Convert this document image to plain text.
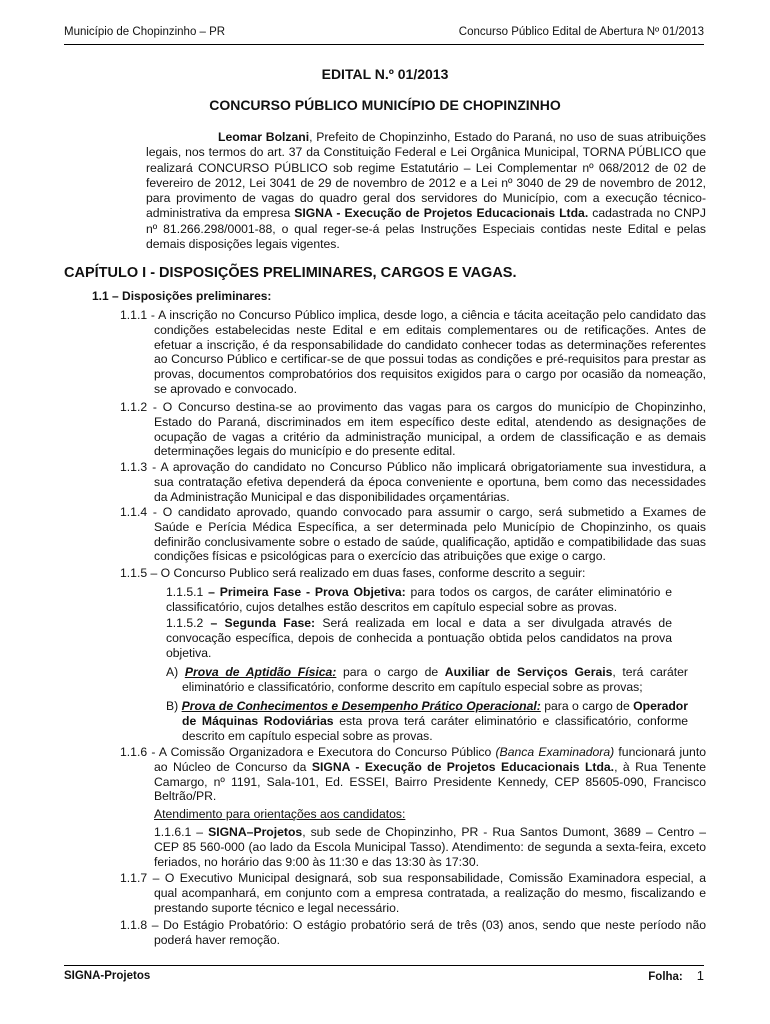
Município de Chopinzinho – PR	Concurso Público Edital de Abertura Nº 01/2013
EDITAL N.º 01/2013
CONCURSO PÚBLICO MUNICÍPIO DE CHOPINZINHO
Leomar Bolzani, Prefeito de Chopinzinho, Estado do Paraná, no uso de suas atribuições legais, nos termos do art. 37 da Constituição Federal e Lei Orgânica Municipal, TORNA PÚBLICO que realizará CONCURSO PÚBLICO sob regime Estatutário – Lei Complementar nº 068/2012 de 02 de fevereiro de 2012, Lei 3041 de 29 de novembro de 2012 e a Lei nº 3040 de 29 de novembro de 2012, para provimento de vagas do quadro geral dos servidores do Município, com a execução técnico-administrativa da empresa SIGNA - Execução de Projetos Educacionais Ltda. cadastrada no CNPJ nº 81.266.298/0001-88, o qual reger-se-á pelas Instruções Especiais contidas neste Edital e pelas demais disposições legais vigentes.
CAPÍTULO I - DISPOSIÇÕES PRELIMINARES, CARGOS E VAGAS.
1.1 – Disposições preliminares:
1.1.1 - A inscrição no Concurso Público implica, desde logo, a ciência e tácita aceitação pelo candidato das condições estabelecidas neste Edital e em editais complementares ou de retificações. Antes de efetuar a inscrição, é da responsabilidade do candidato conhecer todas as determinações referentes ao Concurso Público e certificar-se de que possui todas as condições e pré-requisitos para prestar as provas, documentos comprobatórios dos requisitos exigidos para o cargo por ocasião da nomeação, se aprovado e convocado.
1.1.2 - O Concurso destina-se ao provimento das vagas para os cargos do município de Chopinzinho, Estado do Paraná, discriminados em item específico deste edital, atendendo as designações de ocupação de vagas a critério da administração municipal, a ordem de classificação e as demais determinações legais do município e do presente edital.
1.1.3 - A aprovação do candidato no Concurso Público não implicará obrigatoriamente sua investidura, a sua contratação efetiva dependerá da época conveniente e oportuna, bem como das necessidades da Administração Municipal e das disponibilidades orçamentárias.
1.1.4 - O candidato aprovado, quando convocado para assumir o cargo, será submetido a Exames de Saúde e Perícia Médica Específica, a ser determinada pelo Município de Chopinzinho, os quais definirão conclusivamente sobre o estado de saúde, qualificação, aptidão e compatibilidade das suas condições físicas e psicológicas para o exercício das atribuições que exige o cargo.
1.1.5 – O Concurso Publico será realizado em duas fases, conforme descrito a seguir:
1.1.5.1 – Primeira Fase - Prova Objetiva: para todos os cargos, de caráter eliminatório e classificatório, cujos detalhes estão descritos em capítulo especial sobre as provas.
1.1.5.2 – Segunda Fase: Será realizada em local e data a ser divulgada através de convocação específica, depois de conhecida a pontuação obtida pelos candidatos na prova objetiva.
A) Prova de Aptidão Física: para o cargo de Auxiliar de Serviços Gerais, terá caráter eliminatório e classificatório, conforme descrito em capítulo especial sobre as provas;
B) Prova de Conhecimentos e Desempenho Prático Operacional: para o cargo de Operador de Máquinas Rodoviárias esta prova terá caráter eliminatório e classificatório, conforme descrito em capítulo especial sobre as provas.
1.1.6 - A Comissão Organizadora e Executora do Concurso Público (Banca Examinadora) funcionará junto ao Núcleo de Concurso da SIGNA - Execução de Projetos Educacionais Ltda., à Rua Tenente Camargo, nº 1191, Sala-101, Ed. ESSEI, Bairro Presidente Kennedy, CEP 85605-090, Francisco Beltrão/PR.
Atendimento para orientações aos candidatos:
1.1.6.1 – SIGNA–Projetos, sub sede de Chopinzinho, PR - Rua Santos Dumont, 3689 – Centro – CEP 85 560-000 (ao lado da Escola Municipal Tasso). Atendimento: de segunda a sexta-feira, exceto feriados, no horário das 9:00 às 11:30 e das 13:30 às 17:30.
1.1.7 – O Executivo Municipal designará, sob sua responsabilidade, Comissão Examinadora especial, a qual acompanhará, em conjunto com a empresa contratada, a realização do mesmo, fiscalizando e prestando suporte técnico e legal necessário.
1.1.8 – Do Estágio Probatório: O estágio probatório será de três (03) anos, sendo que neste período não poderá haver remoção.
SIGNA-Projetos	Folha: 1
